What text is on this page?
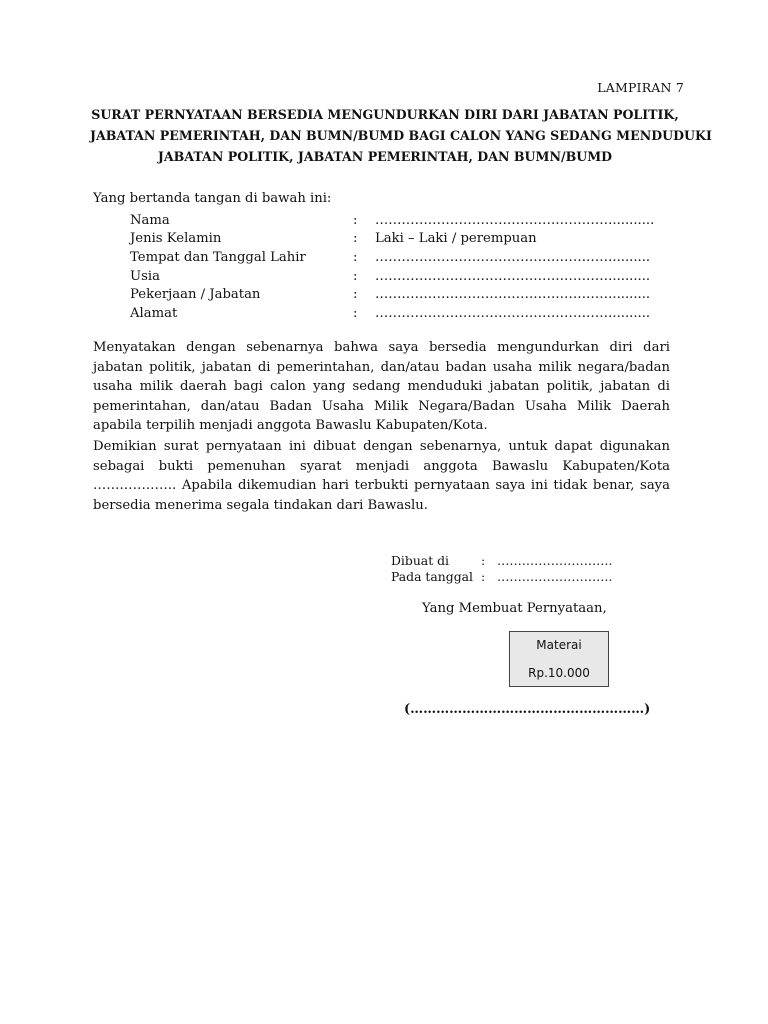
LAMPIRAN 7
SURAT PERNYATAAN BERSEDIA MENGUNDURKAN DIRI DARI JABATAN POLITIK,
JABATAN PEMERINTAH, DAN BUMN/BUMD BAGI CALON YANG SEDANG MENDUDUKI
JABATAN POLITIK, JABATAN PEMERINTAH, DAN BUMN/BUMD
Yang bertanda tangan di bawah ini:
Nama	:	………………………………………………..........
Jenis Kelamin	:	Laki – Laki / perempuan
Tempat dan Tanggal Lahir	:	……………………………………………….........
Usia	:	……………………………………………….........
Pekerjaan / Jabatan	:	……………………………………………….........
Alamat	:	……………………………………………….........
Menyatakan dengan sebenarnya bahwa saya bersedia mengundurkan diri dari jabatan politik, jabatan di pemerintahan, dan/atau badan usaha milik negara/badan usaha milik daerah bagi calon yang sedang menduduki jabatan politik, jabatan di pemerintahan, dan/atau Badan Usaha Milik Negara/Badan Usaha Milik Daerah apabila terpilih menjadi anggota Bawaslu Kabupaten/Kota.
Demikian surat pernyataan ini dibuat dengan sebenarnya, untuk dapat digunakan sebagai bukti pemenuhan syarat menjadi anggota Bawaslu Kabupaten/Kota ………………. Apabila dikemudian hari terbukti pernyataan saya ini tidak benar, saya bersedia menerima segala tindakan dari Bawaslu.
Dibuat di	: ……………………….
Pada tanggal : ……………………….
Yang Membuat Pernyataan,
Materai
Rp.10.000
(………………………………………………)
